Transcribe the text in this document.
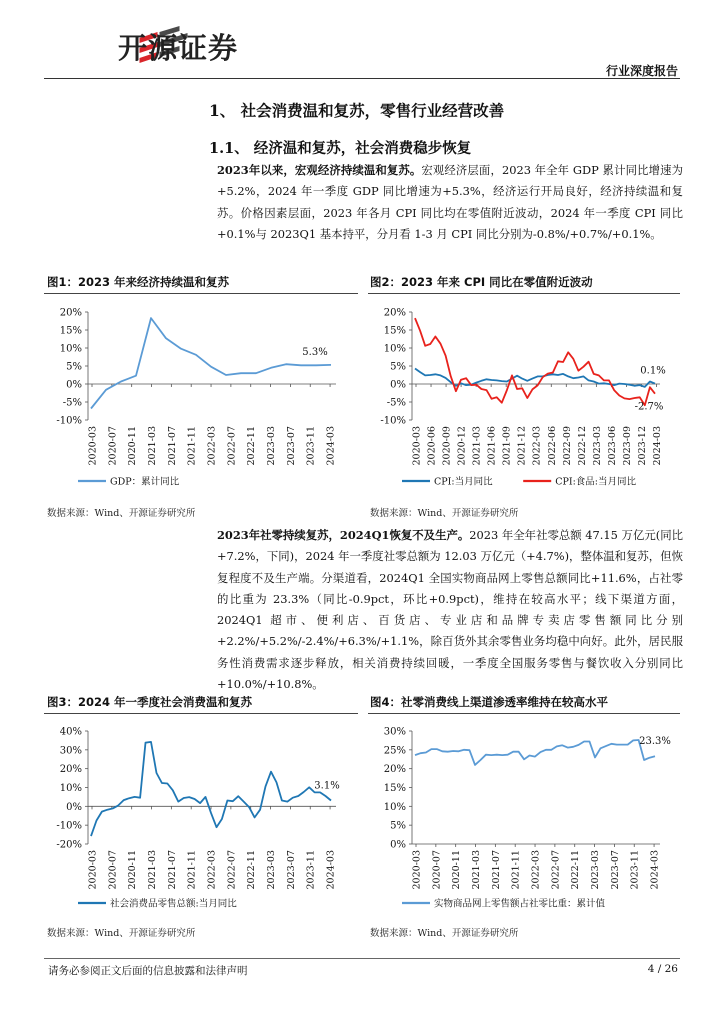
开源证券
行业深度报告
1、 社会消费温和复苏，零售行业经营改善
1.1、 经济温和复苏，社会消费稳步恢复
2023年以来，宏观经济持续温和复苏。宏观经济层面，2023 年全年 GDP 累计同比增速为+5.2%，2024 年一季度 GDP 同比增速为+5.3%，经济运行开局良好，经济持续温和复苏。价格因素层面，2023 年各月 CPI 同比均在零值附近波动，2024 年一季度 CPI 同比+0.1%与 2023Q1 基本持平，分月看 1-3 月 CPI 同比分别为-0.8%/+0.7%/+0.1%。
图1：2023 年来经济持续温和复苏	图2：2023 年来 CPI 同比在零值附近波动
20%
15%
10%
5%
0%
-5%
-10%
2020-03 2020-07 2020-11 2021-03 2021-07 2021-11 2022-03 2022-07 2022-11 2023-03 2023-07 2023-11 2024-03
GDP：累计同比
5.3%
20%
15%
10%
5%
0%
-5%
-10%
2020-03 2020-06 2020-09 2020-12 2021-03 2021-06 2021-09 2021-12 2022-03 2022-06 2022-09 2022-12 2023-03 2023-06 2023-09 2023-12 2024-03
CPI:当月同比	CPI:食品:当月同比
0.1%
-2.7%
数据来源：Wind、开源证券研究所	数据来源：Wind、开源证券研究所
2023年社零持续复苏，2024Q1恢复不及生产。2023 年全年社零总额 47.15 万亿元(同比+7.2%，下同)，2024 年一季度社零总额为 12.03 万亿元（+4.7%)，整体温和复苏，但恢复程度不及生产端。分渠道看，2024Q1 全国实物商品网上零售总额同比+11.6%，占社零的比重为 23.3%（同比-0.9pct，环比+0.9pct)，维持在较高水平；线下渠道方面，2024Q1 超市、便利店、百货店、专业店和品牌专卖店零售额同比分别+2.2%/+5.2%/-2.4%/+6.3%/+1.1%，除百货外其余零售业务均稳中向好。此外，居民服务性消费需求逐步释放，相关消费持续回暖，一季度全国服务零售与餐饮收入分别同比+10.0%/+10.8%。
图3：2024 年一季度社会消费温和复苏	图4：社零消费线上渠道渗透率维持在较高水平
40%
30%
20%
10%
0%
-10%
-20%
2020-03 2020-07 2020-11 2021-03 2021-07 2021-11 2022-03 2022-07 2022-11 2023-03 2023-07 2023-11 2024-03
社会消费品零售总额:当月同比
3.1%
30%
25%
20%
15%
10%
5%
0%
2020-03 2020-07 2020-11 2021-03 2021-07 2021-11 2022-03 2022-07 2022-11 2023-03 2023-07 2023-11 2024-03
实物商品网上零售额占社零比重：累计值
23.3%
数据来源：Wind、开源证券研究所	数据来源：Wind、开源证券研究所
请务必参阅正文后面的信息披露和法律声明	4 / 26
